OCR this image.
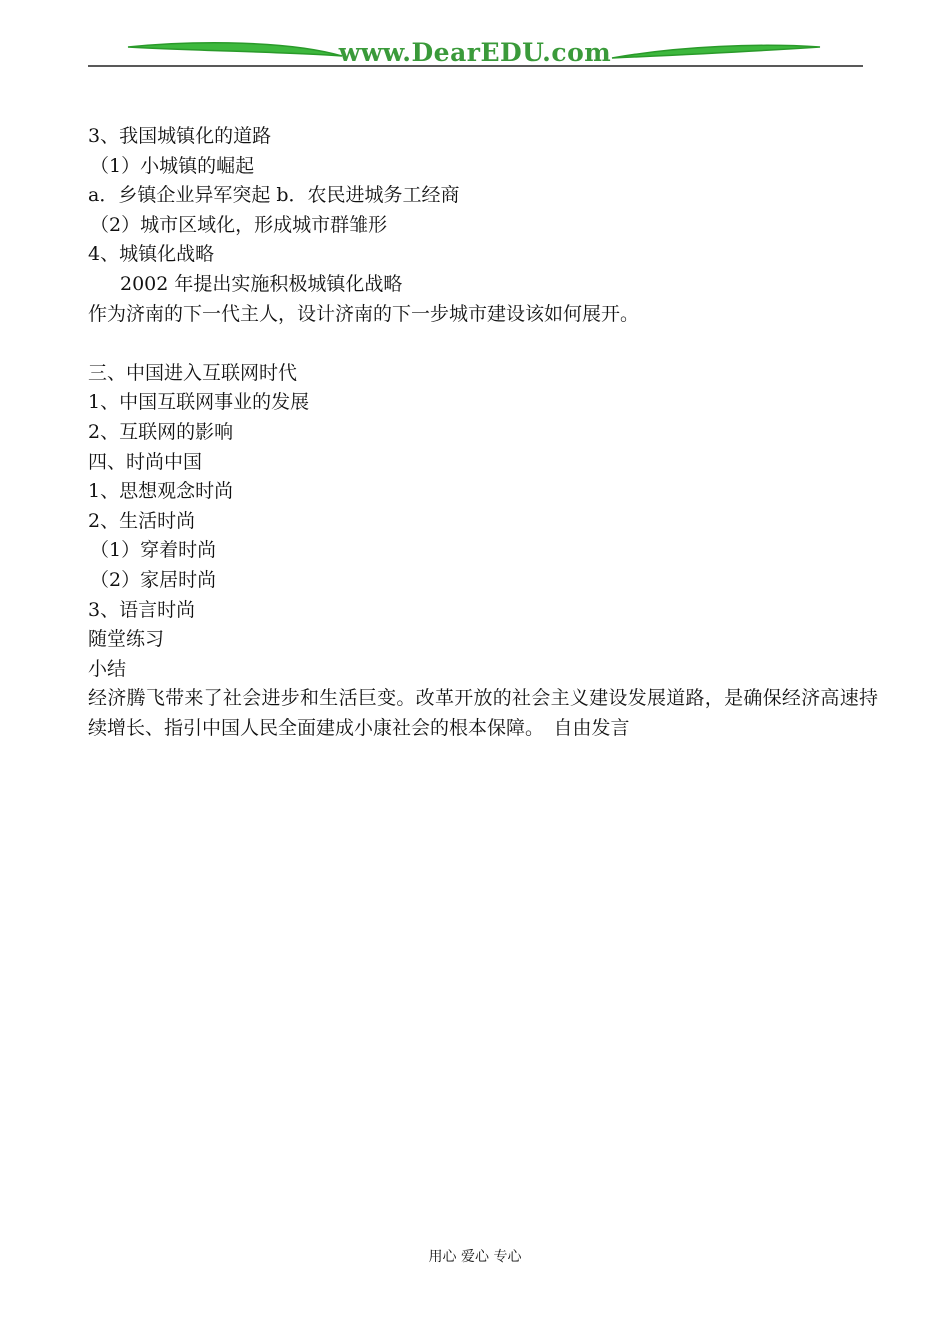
www.DearEDU.com
3、我国城镇化的道路
（1）小城镇的崛起
a．乡镇企业异军突起 b．农民进城务工经商
（2）城市区域化，形成城市群雏形
4、城镇化战略
2002 年提出实施积极城镇化战略
作为济南的下一代主人，设计济南的下一步城市建设该如何展开。
三、中国进入互联网时代
1、中国互联网事业的发展
2、互联网的影响
四、时尚中国
1、思想观念时尚
2、生活时尚
（1）穿着时尚
（2）家居时尚
3、语言时尚
随堂练习
小结
经济腾飞带来了社会进步和生活巨变。改革开放的社会主义建设发展道路，是确保经济高速持续增长、指引中国人民全面建成小康社会的根本保障。　自由发言
用心 爱心 专心
